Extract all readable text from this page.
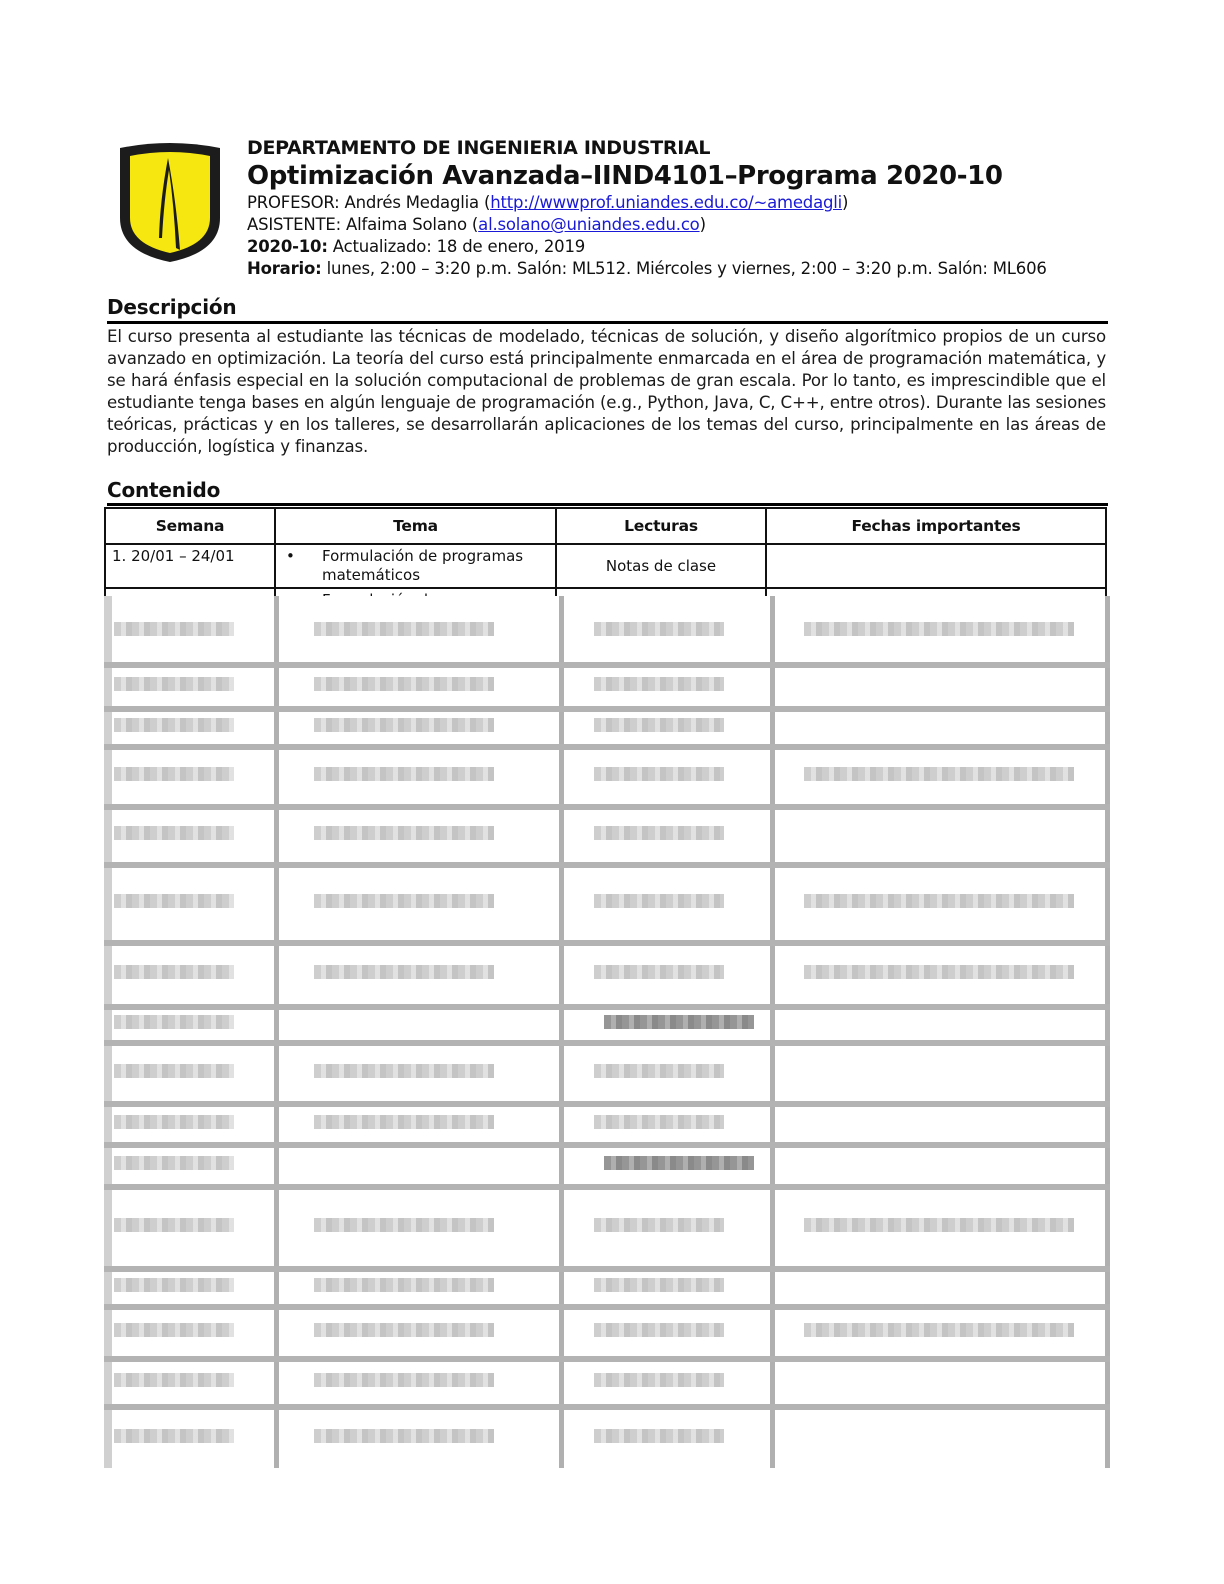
DEPARTAMENTO DE INGENIERIA INDUSTRIAL
Optimización Avanzada–IIND4101–Programa 2020-10
PROFESOR: Andrés Medaglia (http://wwwprof.uniandes.edu.co/~amedagli)
ASISTENTE: Alfaima Solano (al.solano@uniandes.edu.co)
2020-10: Actualizado: 18 de enero, 2019
Horario: lunes, 2:00 – 3:20 p.m. Salón: ML512. Miércoles y viernes, 2:00 – 3:20 p.m. Salón: ML606
Descripción
El curso presenta al estudiante las técnicas de modelado, técnicas de solución, y diseño algorítmico propios de un curso avanzado en optimización. La teoría del curso está principalmente enmarcada en el área de programación matemática, y se hará énfasis especial en la solución computacional de problemas de gran escala. Por lo tanto, es imprescindible que el estudiante tenga bases en algún lenguaje de programación (e.g., Python, Java, C, C++, entre otros). Durante las sesiones teóricas, prácticas y en los talleres, se desarrollarán aplicaciones de los temas del curso, principalmente en las áreas de producción, logística y finanzas.
Contenido
Semana	Tema	Lecturas	Fechas importantes
1. 20/01 – 24/01	• Formulación de programas matemáticos	Notas de clase	
